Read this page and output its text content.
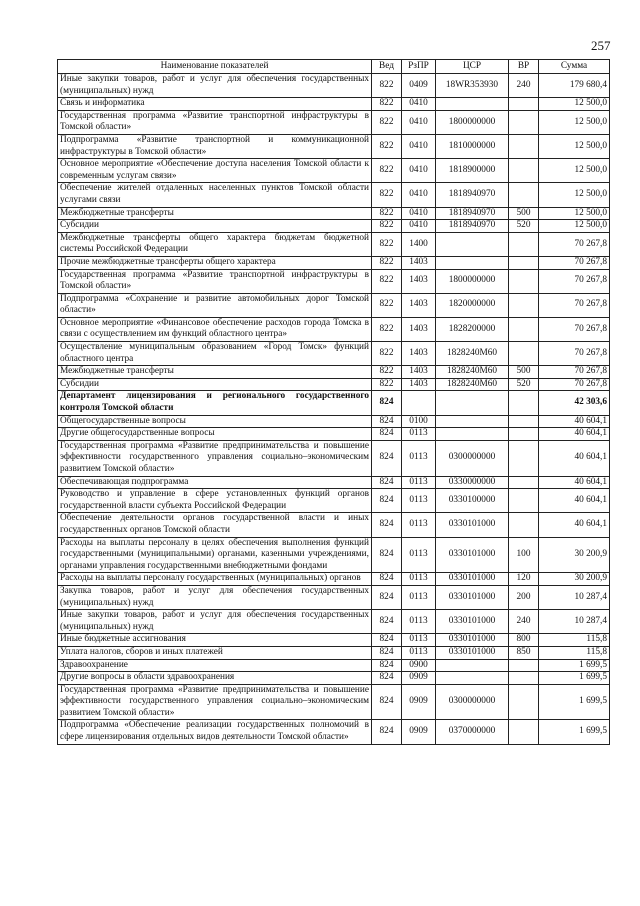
257
Наименование показателей	Вед	РзПР	ЦСР	ВР	Сумма
Иные закупки товаров, работ и услуг для обеспечения государственных (муниципальных) нужд	822	0409	18WR353930	240	179 680,4
Связь и информатика	822	0410			12 500,0
Государственная программа «Развитие транспортной инфраструктуры в Томской области»	822	0410	1800000000		12 500,0
Подпрограмма «Развитие транспортной и коммуникационной инфраструктуры в Томской области»	822	0410	1810000000		12 500,0
Основное мероприятие «Обеспечение доступа населения Томской области к современным услугам связи»	822	0410	1818900000		12 500,0
Обеспечение жителей отдаленных населенных пунктов Томской области услугами связи	822	0410	1818940970		12 500,0
Межбюджетные трансферты	822	0410	1818940970	500	12 500,0
Субсидии	822	0410	1818940970	520	12 500,0
Межбюджетные трансферты общего характера бюджетам бюджетной системы Российской Федерации	822	1400			70 267,8
Прочие межбюджетные трансферты общего характера	822	1403			70 267,8
Государственная программа «Развитие транспортной инфраструктуры в Томской области»	822	1403	1800000000		70 267,8
Подпрограмма «Сохранение и развитие автомобильных дорог Томской области»	822	1403	1820000000		70 267,8
Основное мероприятие «Финансовое обеспечение расходов города Томска в связи с осуществлением им функций областного центра»	822	1403	1828200000		70 267,8
Осуществление муниципальным образованием «Город Томск» функций областного центра	822	1403	1828240M60		70 267,8
Межбюджетные трансферты	822	1403	1828240M60	500	70 267,8
Субсидии	822	1403	1828240M60	520	70 267,8
Департамент лицензирования и регионального государственного контроля Томской области	824				42 303,6
Общегосударственные вопросы	824	0100			40 604,1
Другие общегосударственные вопросы	824	0113			40 604,1
Государственная программа «Развитие предпринимательства и повышение эффективности государственного управления социально–экономическим развитием Томской области»	824	0113	0300000000		40 604,1
Обеспечивающая подпрограмма	824	0113	0330000000		40 604,1
Руководство и управление в сфере установленных функций органов государственной власти субъекта Российской Федерации	824	0113	0330100000		40 604,1
Обеспечение деятельности органов государственной власти и иных государственных органов Томской области	824	0113	0330101000		40 604,1
Расходы на выплаты персоналу в целях обеспечения выполнения функций государственными (муниципальными) органами, казенными учреждениями, органами управления государственными внебюджетными фондами	824	0113	0330101000	100	30 200,9
Расходы на выплаты персоналу государственных (муниципальных) органов	824	0113	0330101000	120	30 200,9
Закупка товаров, работ и услуг для обеспечения государственных (муниципальных) нужд	824	0113	0330101000	200	10 287,4
Иные закупки товаров, работ и услуг для обеспечения государственных (муниципальных) нужд	824	0113	0330101000	240	10 287,4
Иные бюджетные ассигнования	824	0113	0330101000	800	115,8
Уплата налогов, сборов и иных платежей	824	0113	0330101000	850	115,8
Здравоохранение	824	0900			1 699,5
Другие вопросы в области здравоохранения	824	0909			1 699,5
Государственная программа «Развитие предпринимательства и повышение эффективности государственного управления социально–экономическим развитием Томской области»	824	0909	0300000000		1 699,5
Подпрограмма «Обеспечение реализации государственных полномочий в сфере лицензирования отдельных видов деятельности Томской области»	824	0909	0370000000		1 699,5
